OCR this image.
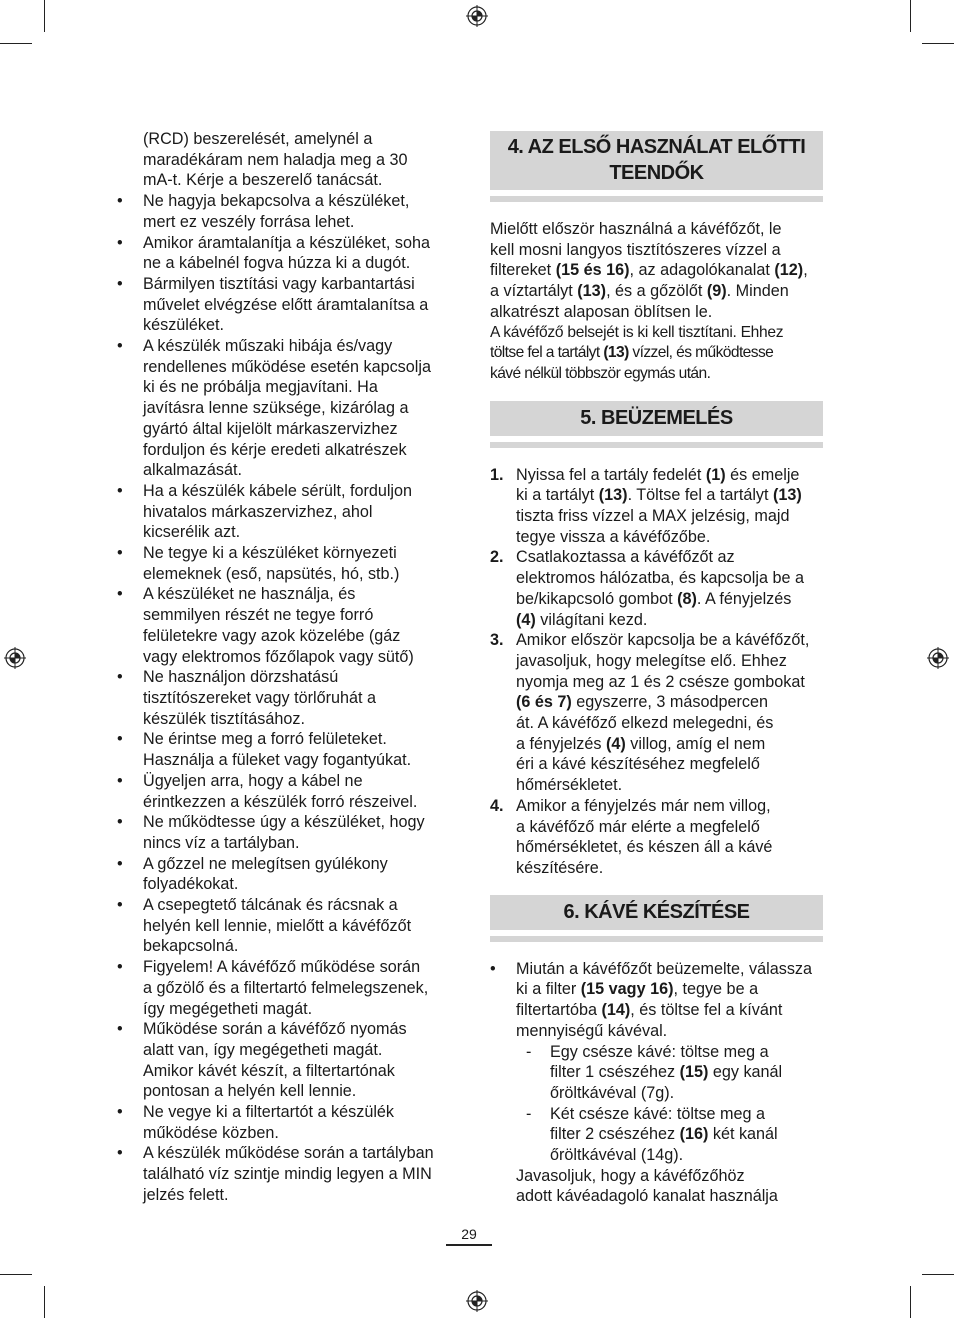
(RCD) beszerelését, amelynél a
maradékáram nem haladja meg a 30
mA-t. Kérje a beszerelő tanácsát.
• Ne hagyja bekapcsolva a készüléket,
mert ez veszély forrása lehet.
• Amikor áramtalanítja a készüléket, soha
ne a kábelnél fogva húzza ki a dugót.
• Bármilyen tisztítási vagy karbantartási
művelet elvégzése előtt áramtalanítsa a
készüléket.
• A készülék műszaki hibája és/vagy
rendellenes működése esetén kapcsolja
ki és ne próbálja megjavítani. Ha
javításra lenne szüksége, kizárólag a
gyártó által kijelölt márkaszervizhez
forduljon és kérje eredeti alkatrészek
alkalmazását.
• Ha a készülék kábele sérült, forduljon
hivatalos márkaszervizhez, ahol
kicserélik azt.
• Ne tegye ki a készüléket környezeti
elemeknek (eső, napsütés, hó, stb.)
• A készüléket ne használja, és
semmilyen részét ne tegye forró
felületekre vagy azok közelébe (gáz
vagy elektromos főzőlapok vagy sütő)
• Ne használjon dörzshatású
tisztítószereket vagy törlőruhát a
készülék tisztításához.
• Ne érintse meg a forró felületeket.
Használja a füleket vagy fogantyúkat.
• Ügyeljen arra, hogy a kábel ne
érintkezzen a készülék forró részeivel.
• Ne működtesse úgy a készüléket, hogy
nincs víz a tartályban.
• A gőzzel ne melegítsen gyúlékony
folyadékokat.
• A csepegtető tálcának és rácsnak a
helyén kell lennie, mielőtt a kávéfőzőt
bekapcsolná.
• Figyelem! A kávéfőző működése során
a gőzölő és a filtertartó felmelegszenek,
így megégetheti magát.
• Működése során a kávéfőző nyomás
alatt van, így megégetheti magát.
Amikor kávét készít, a filtertartónak
pontosan a helyén kell lennie.
• Ne vegye ki a filtertartót a készülék
működése közben.
• A készülék működése során a tartályban
található víz szintje mindig legyen a MIN
jelzés felett.
4. AZ ELSŐ HASZNÁLAT ELŐTTI
TEENDŐK
Mielőtt először használná a kávéfőzőt, le
kell mosni langyos tisztítószeres vízzel a
filtereket (15 és 16), az adagolókanalat (12),
a víztartályt (13), és a gőzölőt (9). Minden
alkatrészt alaposan öblítsen le.
A kávéfőző belsejét is ki kell tisztítani. Ehhez
töltse fel a tartályt (13) vízzel, és működtesse
kávé nélkül többször egymás után.
5. BEÜZEMELÉS
1. Nyissa fel a tartály fedelét (1) és emelje
ki a tartályt (13). Töltse fel a tartályt (13)
tiszta friss vízzel a MAX jelzésig, majd
tegye vissza a kávéfőzőbe.
2. Csatlakoztassa a kávéfőzőt az
elektromos hálózatba, és kapcsolja be a
be/kikapcsoló gombot (8). A fényjelzés
(4) világítani kezd.
3. Amikor először kapcsolja be a kávéfőzőt,
javasoljuk, hogy melegítse elő. Ehhez
nyomja meg az 1 és 2 csésze gombokat
(6 és 7) egyszerre, 3 másodpercen
át. A kávéfőző elkezd melegedni, és
a fényjelzés (4) villog, amíg el nem
éri a kávé készítéséhez megfelelő
hőmérsékletet.
4. Amikor a fényjelzés már nem villog,
a kávéfőző már elérte a megfelelő
hőmérsékletet, és készen áll a kávé
készítésére.
6. KÁVÉ KÉSZÍTÉSE
• Miután a kávéfőzőt beüzemelte, válassza
ki a filter (15 vagy 16), tegye be a
filtertartóba (14), és töltse fel a kívánt
mennyiségű kávéval.
- Egy csésze kávé: töltse meg a
filter 1 csészéhez (15) egy kanál
őröltkávéval (7g).
- Két csésze kávé: töltse meg a
filter 2 csészéhez (16) két kanál
őröltkávéval (14g).
Javasoljuk, hogy a kávéfőzőhöz
adott kávéadagoló kanalat használja
29
